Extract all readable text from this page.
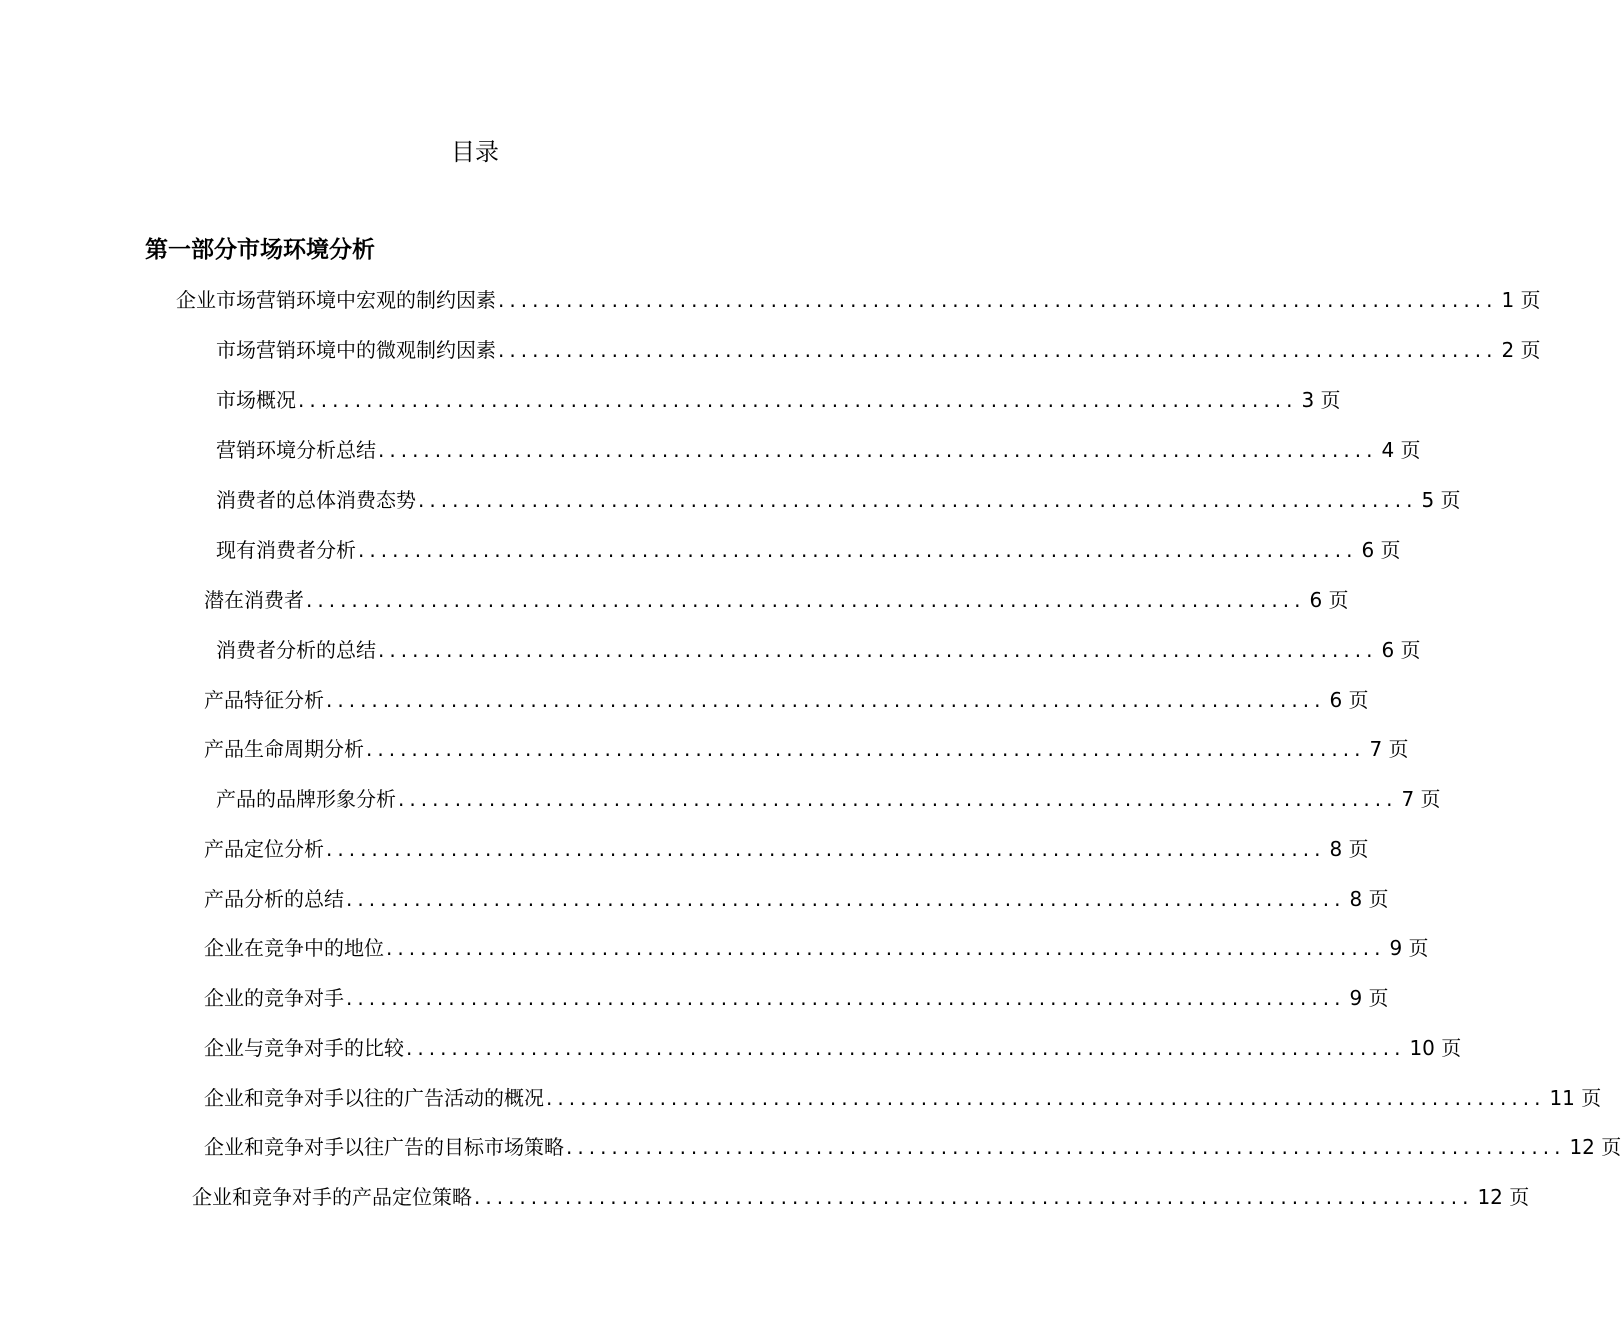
目录
第一部分市场环境分析
企业市场营销环境中宏观的制约因素 ........................................................................................ 1 页
市场营销环境中的微观制约因素 ........................................................................................ 2 页
市场概况 ........................................................................................ 3 页
营销环境分析总结 ........................................................................................ 4 页
消费者的总体消费态势 ........................................................................................ 5 页
现有消费者分析 ........................................................................................ 6 页
潜在消费者 ........................................................................................ 6 页
消费者分析的总结 ........................................................................................ 6 页
产品特征分析 ........................................................................................ 6 页
产品生命周期分析 ........................................................................................ 7 页
产品的品牌形象分析 ........................................................................................ 7 页
产品定位分析 ........................................................................................ 8 页
产品分析的总结 ........................................................................................ 8 页
企业在竞争中的地位 ........................................................................................ 9 页
企业的竞争对手 ........................................................................................ 9 页
企业与竞争对手的比较 ........................................................................................ 10 页
企业和竞争对手以往的广告活动的概况 ........................................................................................ 11 页
企业和竞争对手以往广告的目标市场策略 ........................................................................................ 12 页
企业和竞争对手的产品定位策略 ........................................................................................ 12 页
